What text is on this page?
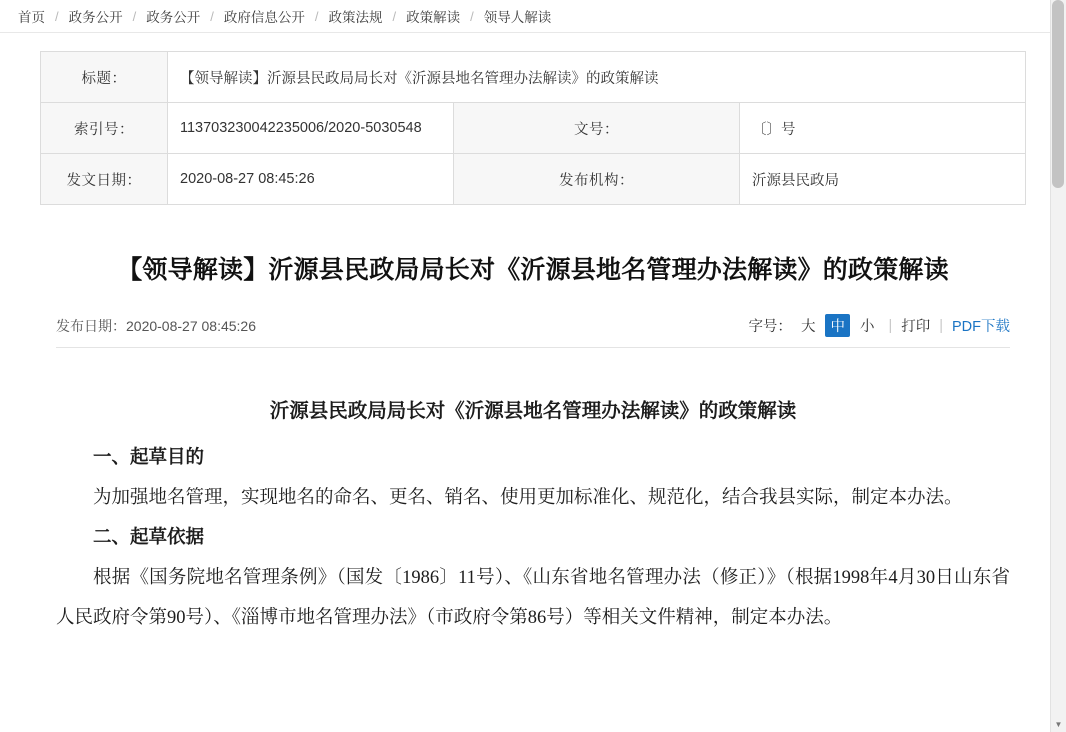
首页 / 政务公开 / 政务公开 / 政府信息公开 / 政策法规 / 政策解读 / 领导人解读
标题：	【领导解读】沂源县民政局局长对《沂源县地名管理办法解读》的政策解读		
索引号：	113703230042235006/2020-5030548	文号：	〔〕号
发文日期：	2020-08-27 08:45:26	发布机构：	沂源县民政局
【领导解读】沂源县民政局局长对《沂源县地名管理办法解读》的政策解读
发布日期：2020-08-27 08:45:26	字号： 大	中	小 | 打印 | PDF下载
沂源县民政局局长对《沂源县地名管理办法解读》的政策解读

一、起草目的

为加强地名管理，实现地名的命名、更名、销名、使用更加标准化、规范化，结合我县实际，制定本办法。

二、起草依据

根据《国务院地名管理条例》（国发〔1986〕11号）、《山东省地名管理办法（修正）》（根据1998年4月30日山东省人民政府令第90号）、《淄博市地名管理办法》（市政府令第86号）等相关文件精神，制定本办法。

▼
